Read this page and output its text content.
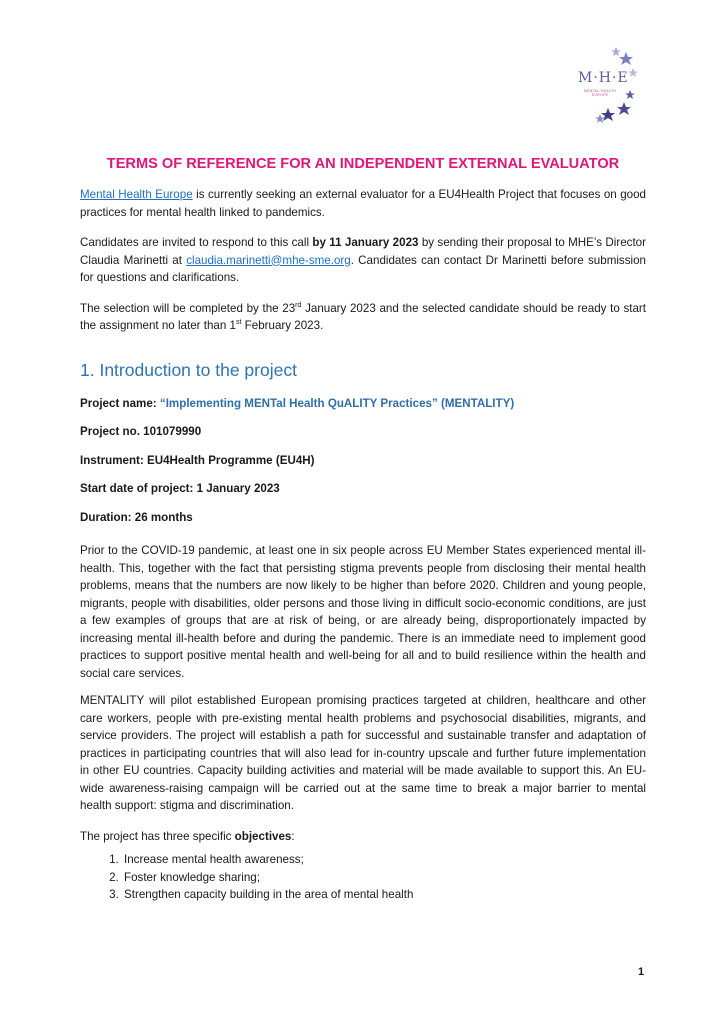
M·H·E
MENTAL HEALTH EUROPE
TERMS OF REFERENCE FOR AN INDEPENDENT EXTERNAL EVALUATOR

Mental Health Europe is currently seeking an external evaluator for a EU4Health Project that focuses on good practices for mental health linked to pandemics.

Candidates are invited to respond to this call by 11 January 2023 by sending their proposal to MHE’s Director Claudia Marinetti at claudia.marinetti@mhe-sme.org. Candidates can contact Dr Marinetti before submission for questions and clarifications.

The selection will be completed by the 23rd January 2023 and the selected candidate should be ready to start the assignment no later than 1st February 2023.

1. Introduction to the project
Project name: “Implementing MENTal Health QuALITY Practices” (MENTALITY)
Project no. 101079990
Instrument: EU4Health Programme (EU4H)
Start date of project: 1 January 2023
Duration: 26 months

Prior to the COVID-19 pandemic, at least one in six people across EU Member States experienced mental ill-health. This, together with the fact that persisting stigma prevents people from disclosing their mental health problems, means that the numbers are now likely to be higher than before 2020. Children and young people, migrants, people with disabilities, older persons and those living in difficult socio-economic conditions, are just a few examples of groups that are at risk of being, or are already being, disproportionately impacted by increasing mental ill-health before and during the pandemic. There is an immediate need to implement good practices to support positive mental health and well-being for all and to build resilience within the health and social care services.

MENTALITY will pilot established European promising practices targeted at children, healthcare and other care workers, people with pre-existing mental health problems and psychosocial disabilities, migrants, and service providers. The project will establish a path for successful and sustainable transfer and adaptation of practices in participating countries that will also lead for in-country upscale and further future implementation in other EU countries. Capacity building activities and material will be made available to support this. An EU-wide awareness-raising campaign will be carried out at the same time to break a major barrier to mental health support: stigma and discrimination.

The project has three specific objectives:

1. Increase mental health awareness;
2. Foster knowledge sharing;
3. Strengthen capacity building in the area of mental health
1
